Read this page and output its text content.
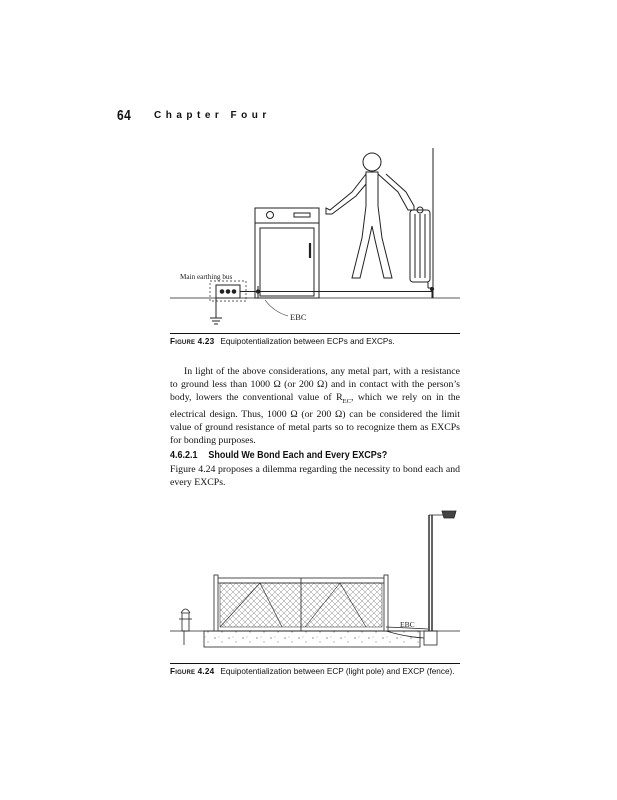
64 Chapter Four
Main earthing bus
EBC
Figure 4.23 Equipotentialization between ECPs and EXCPs.
In light of the above considerations, any metal part, with a resistance to ground less than 1000 Ω (or 200 Ω) and in contact with the person’s body, lowers the conventional value of $R_{EC}$, which we rely on in the electrical design. Thus, 1000 Ω (or 200 Ω) can be considered the limit value of ground resistance of metal parts so to recognize them as EXCPs for bonding purposes.
4.6.2.1 Should We Bond Each and Every EXCPs?
Figure 4.24 proposes a dilemma regarding the necessity to bond each and every EXCPs.
EBC
Figure 4.24 Equipotentialization between ECP (light pole) and EXCP (fence).
